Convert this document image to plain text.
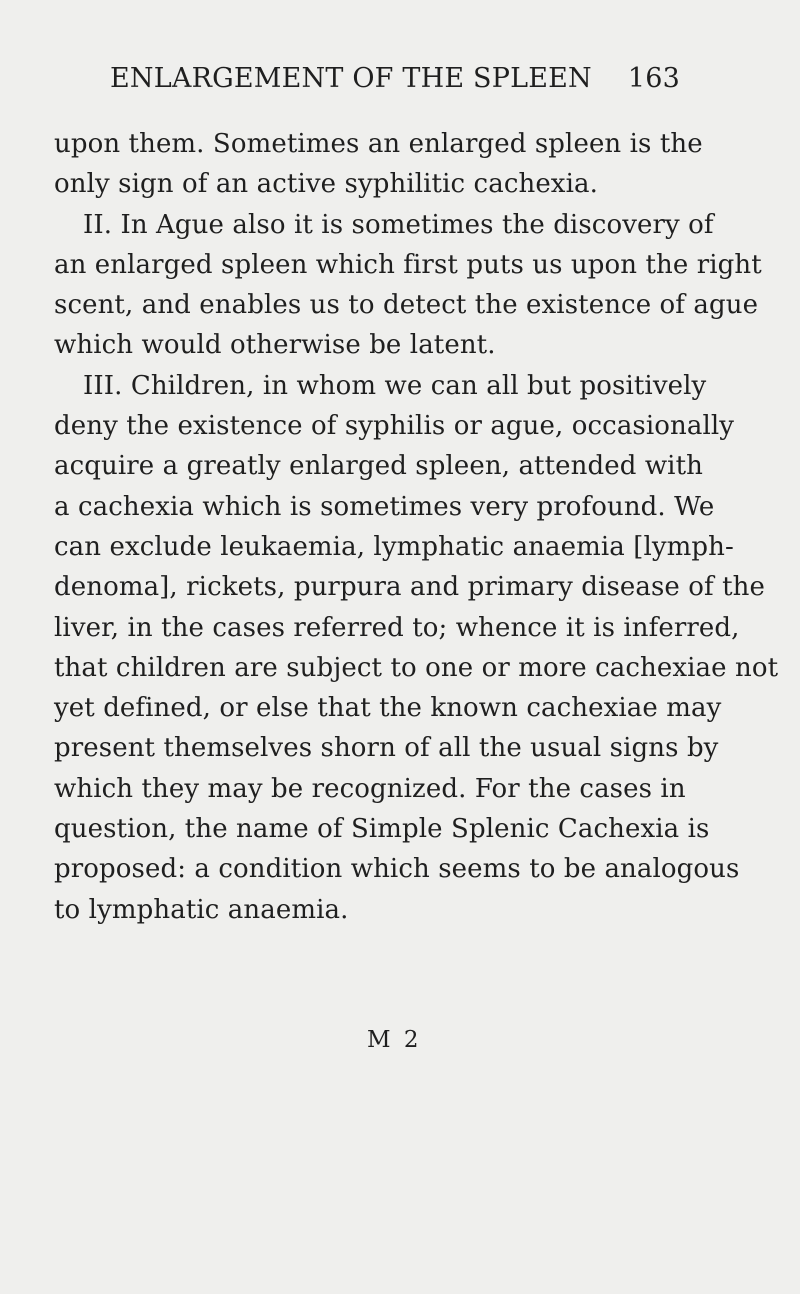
ENLARGEMENT OF THE SPLEEN 163
upon them. Sometimes an enlarged spleen is the
only sign of an active syphilitic cachexia.
II. In Ague also it is sometimes the discovery of
an enlarged spleen which first puts us upon the right
scent, and enables us to detect the existence of ague
which would otherwise be latent.
III. Children, in whom we can all but positively
deny the existence of syphilis or ague, occasionally
acquire a greatly enlarged spleen, attended with
a cachexia which is sometimes very profound. We
can exclude leukaemia, lymphatic anaemia [lymph-
denoma], rickets, purpura and primary disease of the
liver, in the cases referred to; whence it is inferred,
that children are subject to one or more cachexiae not
yet defined, or else that the known cachexiae may
present themselves shorn of all the usual signs by
which they may be recognized. For the cases in
question, the name of Simple Splenic Cachexia is
proposed: a condition which seems to be analogous
to lymphatic anaemia.
M 2
